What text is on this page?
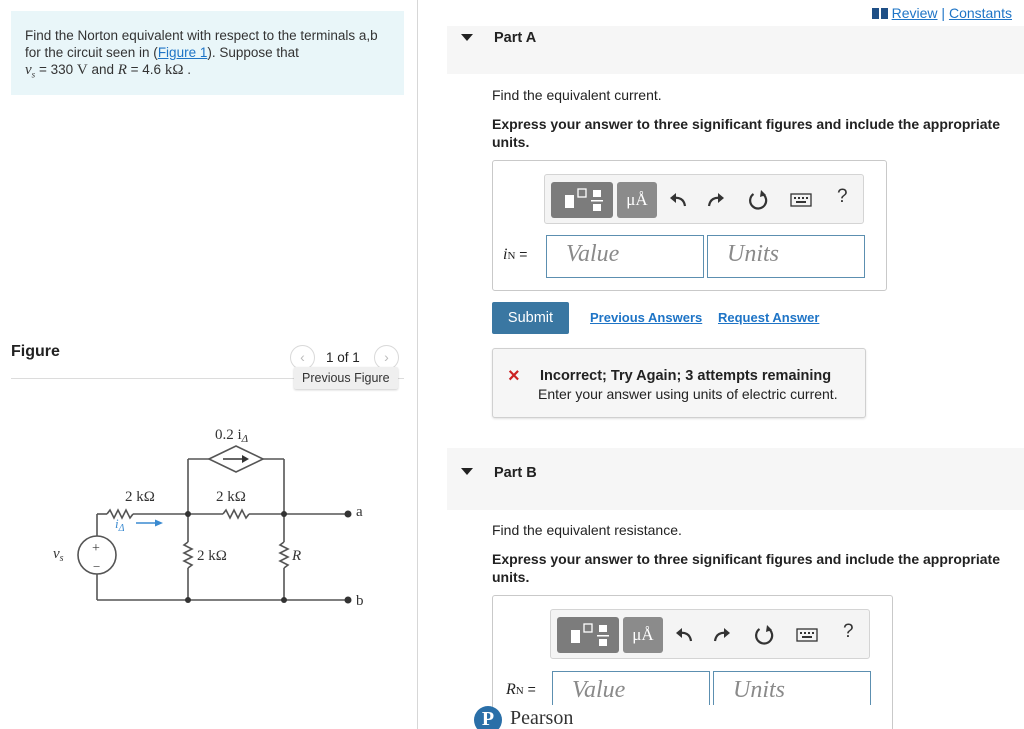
Find the Norton equivalent with respect to the terminals a,b for the circuit seen in (Figure 1). Suppose that
$v_s = 330$ V and R = 4.6 kΩ .
Figure	‹	1 of 1	›
Previous Figure
0.2 $i_\Delta$
2 kΩ	2 kΩ
2 kΩ	R
$i_\Delta$
$v_s$
+
−
a
b
Review | Constants
Part A
Find the equivalent current.
Express your answer to three significant figures and include the appropriate units.
μÅ	?
iN =	Value	Units
Submit	Previous Answers Request Answer
× Incorrect; Try Again; 3 attempts remaining
Enter your answer using units of electric current.
Part B
Find the equivalent resistance.
Express your answer to three significant figures and include the appropriate units.
μÅ	?
RN =	Value	Units
P Pearson
